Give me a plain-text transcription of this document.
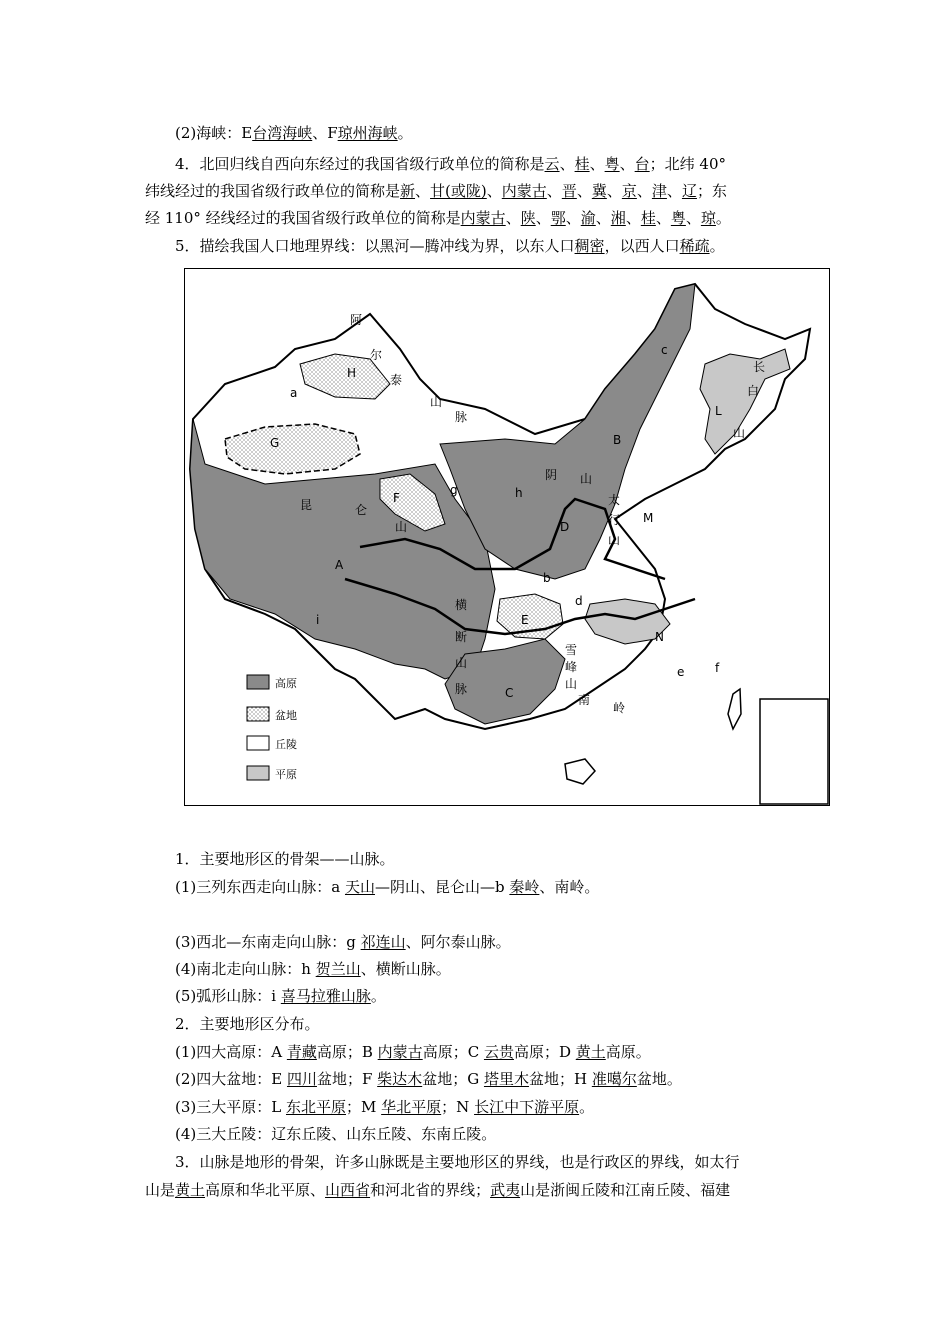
(2)海峡：E台湾海峡、F琼州海峡。
4．北回归线自西向东经过的我国省级行政单位的简称是云、桂、粤、台；北纬 40°
纬线经过的我国省级行政单位的简称是新、甘(或陇)、内蒙古、晋、冀、京、津、辽；东
经 110° 经线经过的我国省级行政单位的简称是内蒙古、陕、鄂、渝、湘、桂、粤、琼。
5．描绘我国人口地理界线：以黑河—腾冲线为界，以东人口稠密，以西人口稀疏。
A
B
C
D
E
F
G
H
L
M
N
a
b
c
d
e	f
g	h
i
阿
尔
泰
山
脉
昆	仑
山
阴 山
太
行
山
长
白
山
横
断
山
脉
雪
峰
山
南
岭
高原
盆地
丘陵
平原
1．主要地形区的骨架——山脉。
(1)三列东西走向山脉：a 天山—阴山、昆仑山—b 秦岭、南岭。
(3)西北—东南走向山脉：g 祁连山、阿尔泰山脉。
(4)南北走向山脉：h 贺兰山、横断山脉。
(5)弧形山脉：i 喜马拉雅山脉。
2．主要地形区分布。
(1)四大高原：A 青藏高原；B 内蒙古高原；C 云贵高原；D 黄土高原。
(2)四大盆地：E 四川盆地；F 柴达木盆地；G 塔里木盆地；H 准噶尔盆地。
(3)三大平原：L 东北平原；M 华北平原；N 长江中下游平原。
(4)三大丘陵：辽东丘陵、山东丘陵、东南丘陵。
3．山脉是地形的骨架，许多山脉既是主要地形区的界线，也是行政区的界线，如太行
山是黄土高原和华北平原、山西省和河北省的界线；武夷山是浙闽丘陵和江南丘陵、福建
